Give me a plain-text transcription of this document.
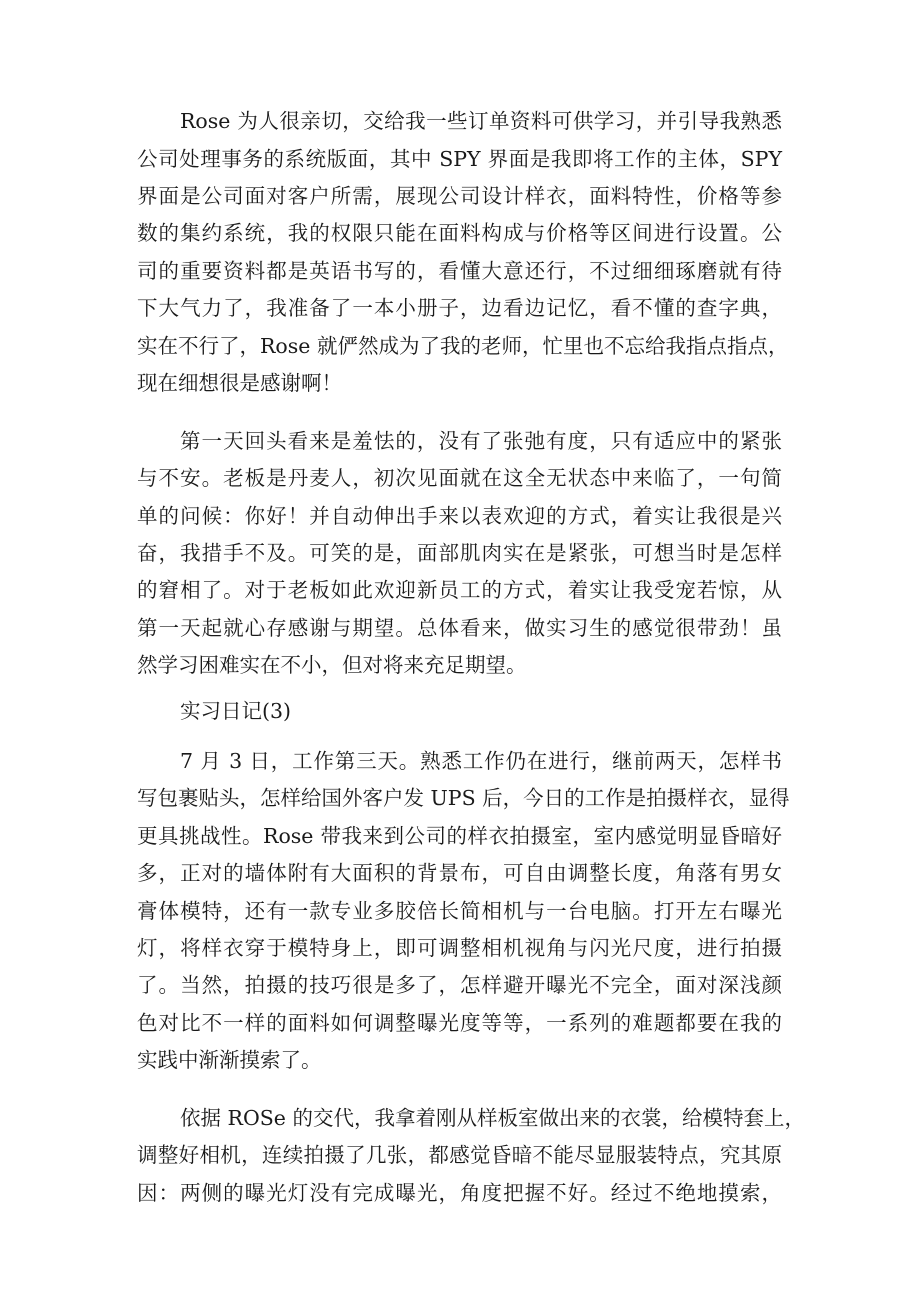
Rose 为人很亲切，交给我一些订单资料可供学习，并引导我熟悉
公司处理事务的系统版面，其中 SPY 界面是我即将工作的主体，SPY
界面是公司面对客户所需，展现公司设计样衣，面料特性，价格等参
数的集约系统，我的权限只能在面料构成与价格等区间进行设置。公
司的重要资料都是英语书写的，看懂大意还行，不过细细琢磨就有待
下大气力了，我准备了一本小册子，边看边记忆，看不懂的查字典，
实在不行了，Rose 就俨然成为了我的老师，忙里也不忘给我指点指点，
现在细想很是感谢啊！
第一天回头看来是羞怯的，没有了张弛有度，只有适应中的紧张
与不安。老板是丹麦人，初次见面就在这全无状态中来临了，一句简
单的问候：你好！并自动伸出手来以表欢迎的方式，着实让我很是兴
奋，我措手不及。可笑的是，面部肌肉实在是紧张，可想当时是怎样
的窘相了。对于老板如此欢迎新员工的方式，着实让我受宠若惊，从
第一天起就心存感谢与期望。总体看来，做实习生的感觉很带劲！虽
然学习困难实在不小，但对将来充足期望。
实习日记(3)
7 月 3 日，工作第三天。熟悉工作仍在进行，继前两天，怎样书
写包裹贴头，怎样给国外客户发 UPS 后，今日的工作是拍摄样衣，显得
更具挑战性。Rose 带我来到公司的样衣拍摄室，室内感觉明显昏暗好
多，正对的墙体附有大面积的背景布，可自由调整长度，角落有男女
膏体模特，还有一款专业多胶倍长简相机与一台电脑。打开左右曝光
灯，将样衣穿于模特身上，即可调整相机视角与闪光尺度，进行拍摄
了。当然，拍摄的技巧很是多了，怎样避开曝光不完全，面对深浅颜
色对比不一样的面料如何调整曝光度等等，一系列的难题都要在我的
实践中渐渐摸索了。
依据 ROSe 的交代，我拿着刚从样板室做出来的衣裳，给模特套上，
调整好相机，连续拍摄了几张，都感觉昏暗不能尽显服装特点，究其原
因：两侧的曝光灯没有完成曝光，角度把握不好。经过不绝地摸索，
